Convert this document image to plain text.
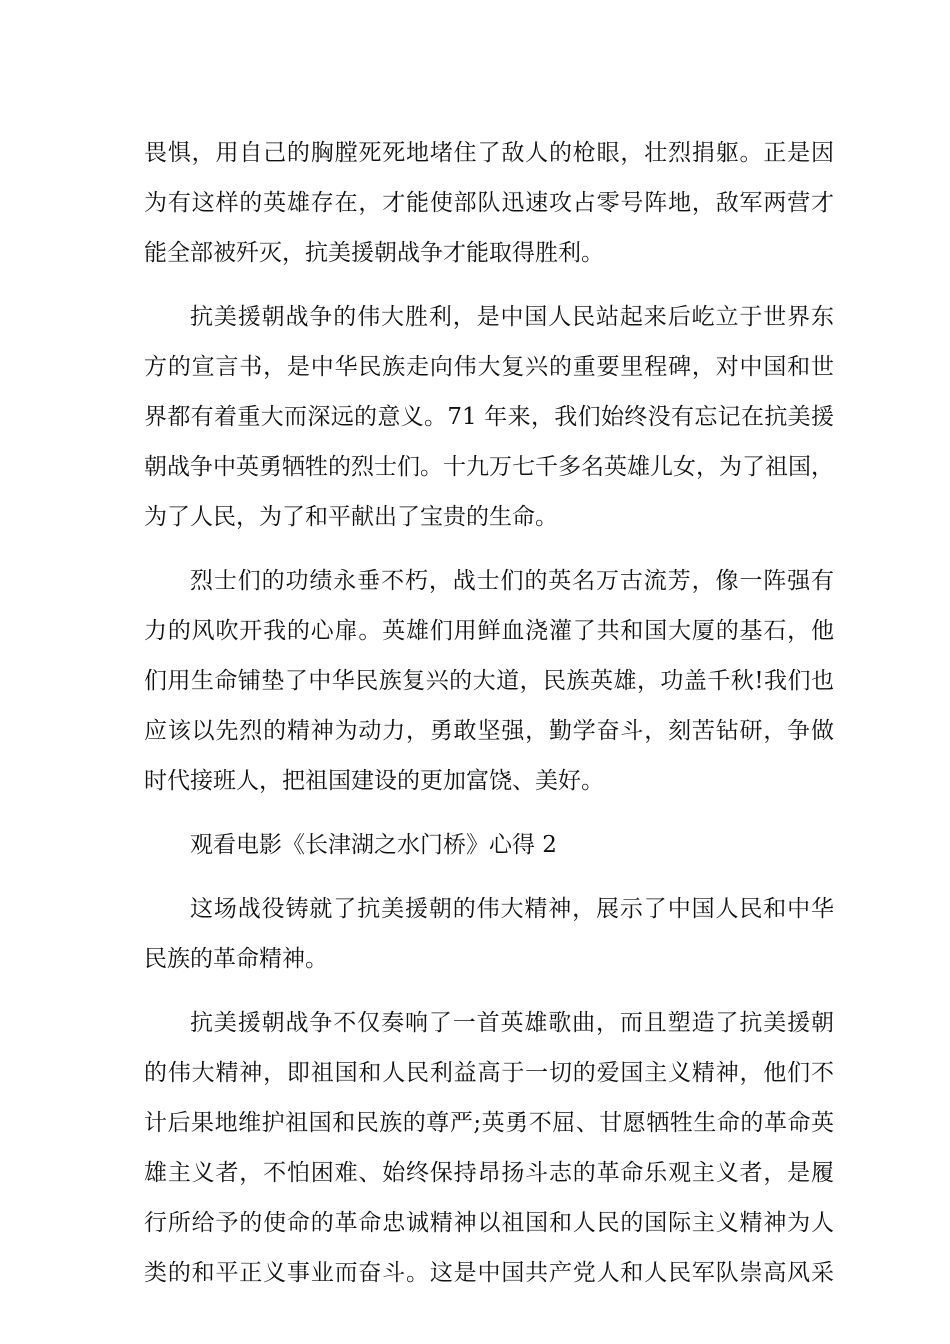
畏惧，用自己的胸膛死死地堵住了敌人的枪眼，壮烈捐躯。正是因
为有这样的英雄存在，才能使部队迅速攻占零号阵地，敌军两营才
能全部被歼灭，抗美援朝战争才能取得胜利。
抗美援朝战争的伟大胜利，是中国人民站起来后屹立于世界东
方的宣言书，是中华民族走向伟大复兴的重要里程碑，对中国和世
界都有着重大而深远的意义。71 年来，我们始终没有忘记在抗美援
朝战争中英勇牺牲的烈士们。十九万七千多名英雄儿女，为了祖国，
为了人民，为了和平献出了宝贵的生命。
烈士们的功绩永垂不朽，战士们的英名万古流芳，像一阵强有
力的风吹开我的心扉。英雄们用鲜血浇灌了共和国大厦的基石，他
们用生命铺垫了中华民族复兴的大道，民族英雄，功盖千秋!我们也
应该以先烈的精神为动力，勇敢坚强，勤学奋斗，刻苦钻研，争做
时代接班人，把祖国建设的更加富饶、美好。
观看电影《长津湖之水门桥》心得 2
这场战役铸就了抗美援朝的伟大精神，展示了中国人民和中华
民族的革命精神。
抗美援朝战争不仅奏响了一首英雄歌曲，而且塑造了抗美援朝
的伟大精神，即祖国和人民利益高于一切的爱国主义精神，他们不
计后果地维护祖国和民族的尊严;英勇不屈、甘愿牺牲生命的革命英
雄主义者，不怕困难、始终保持昂扬斗志的革命乐观主义者，是履
行所给予的使命的革命忠诚精神以祖国和人民的国际主义精神为人
类的和平正义事业而奋斗。这是中国共产党人和人民军队崇高风采
